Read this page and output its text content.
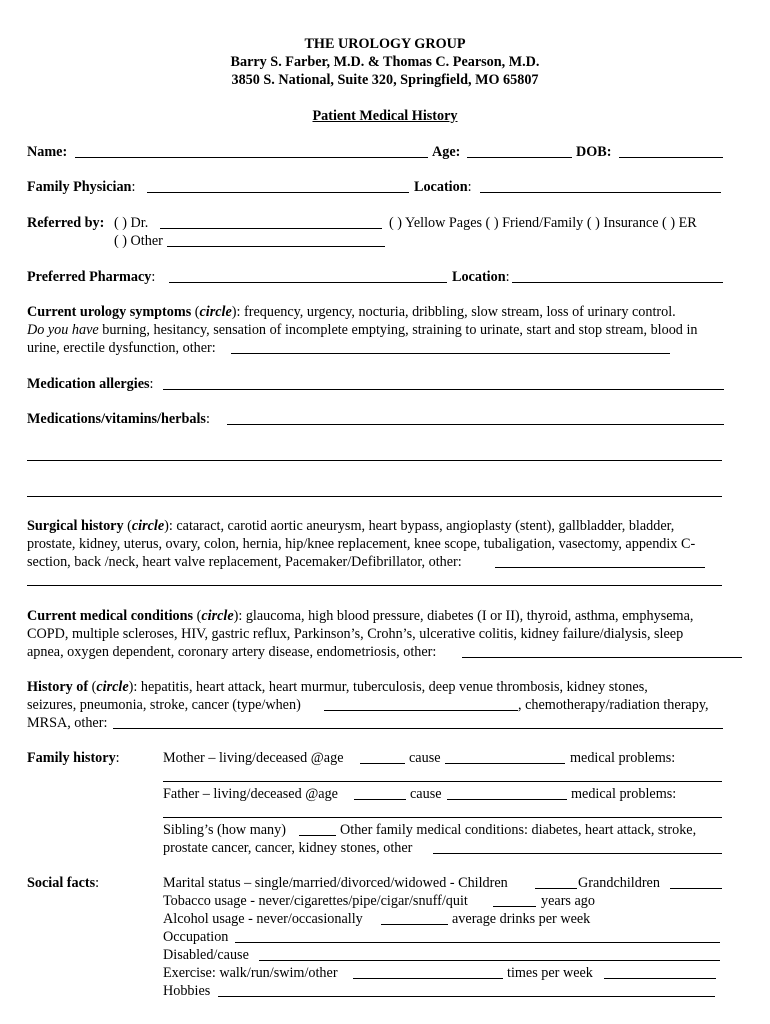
THE UROLOGY GROUP
Barry S. Farber, M.D. & Thomas C. Pearson, M.D.
3850 S. National, Suite 320, Springfield, MO 65807
Patient Medical History
Name:	Age:	DOB:
Family Physician:	Location:
Referred by: ( ) Dr.	( ) Yellow Pages ( ) Friend/Family ( ) Insurance ( ) ER
( ) Other
Preferred Pharmacy:	Location:
Current urology symptoms (circle): frequency, urgency, nocturia, dribbling, slow stream, loss of urinary control.
Do you have burning, hesitancy, sensation of incomplete emptying, straining to urinate, start and stop stream, blood in
urine, erectile dysfunction, other:
Medication allergies:
Medications/vitamins/herbals:
Surgical history (circle): cataract, carotid aortic aneurysm, heart bypass, angioplasty (stent), gallbladder, bladder,
prostate, kidney, uterus, ovary, colon, hernia, hip/knee replacement, knee scope, tubaligation, vasectomy, appendix C-
section, back /neck, heart valve replacement, Pacemaker/Defibrillator, other:
Current medical conditions (circle): glaucoma, high blood pressure, diabetes (I or II), thyroid, asthma, emphysema,
COPD, multiple scleroses, HIV, gastric reflux, Parkinson’s, Crohn’s, ulcerative colitis, kidney failure/dialysis, sleep
apnea, oxygen dependent, coronary artery disease, endometriosis, other:
History of (circle): hepatitis, heart attack, heart murmur, tuberculosis, deep venue thrombosis, kidney stones,
seizures, pneumonia, stroke, cancer (type/when)	, chemotherapy/radiation therapy,
MRSA, other:
Family history:	Mother – living/deceased @age	cause	medical problems:
Father – living/deceased @age	cause	medical problems:
Sibling’s (how many)	Other family medical conditions: diabetes, heart attack, stroke,
prostate cancer, cancer, kidney stones, other
Social facts:	Marital status – single/married/divorced/widowed - Children	Grandchildren
Tobacco usage - never/cigarettes/pipe/cigar/snuff/quit	years ago
Alcohol usage - never/occasionally	average drinks per week
Occupation
Disabled/cause
Exercise: walk/run/swim/other	times per week
Hobbies
